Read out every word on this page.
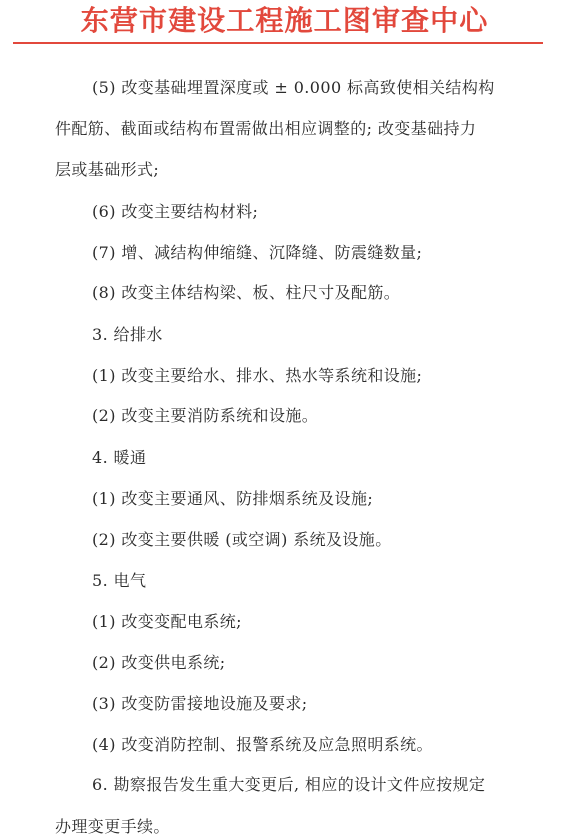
东营市建设工程施工图审查中心
(5) 改变基础埋置深度或 ± 0.000 标高致使相关结构构
件配筋、截面或结构布置需做出相应调整的; 改变基础持力
层或基础形式;
(6) 改变主要结构材料;
(7) 增、减结构伸缩缝、沉降缝、防震缝数量;
(8) 改变主体结构梁、板、柱尺寸及配筋。
3. 给排水
(1) 改变主要给水、排水、热水等系统和设施;
(2) 改变主要消防系统和设施。
4. 暖通
(1) 改变主要通风、防排烟系统及设施;
(2) 改变主要供暖 (或空调) 系统及设施。
5. 电气
(1) 改变变配电系统;
(2) 改变供电系统;
(3) 改变防雷接地设施及要求;
(4) 改变消防控制、报警系统及应急照明系统。
6. 勘察报告发生重大变更后, 相应的设计文件应按规定
办理变更手续。
